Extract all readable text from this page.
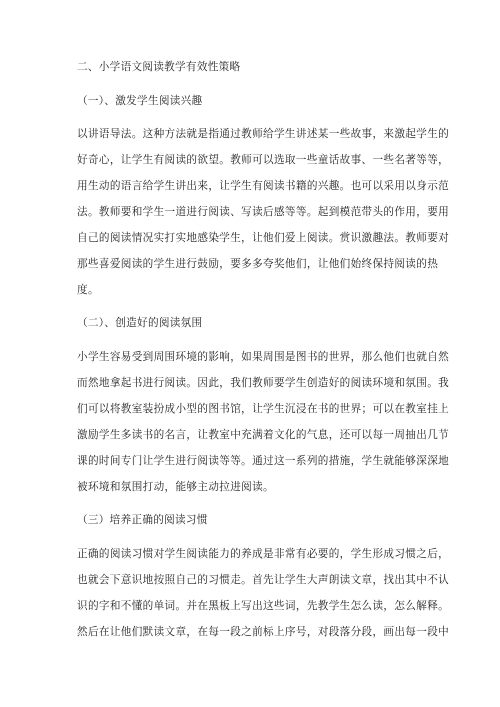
二、小学语文阅读教学有效性策略
（一）、激发学生阅读兴趣
以讲语导法。这种方法就是指通过教师给学生讲述某一些故事，来激起学生的
好奇心，让学生有阅读的欲望。教师可以选取一些童话故事、一些名著等等，
用生动的语言给学生讲出来，让学生有阅读书籍的兴趣。也可以采用以身示范
法。教师要和学生一道进行阅读、写读后感等等。起到模范带头的作用，要用
自己的阅读情况实打实地感染学生，让他们爱上阅读。赏识激趣法。教师要对
那些喜爱阅读的学生进行鼓励，要多多夸奖他们，让他们始终保持阅读的热
度。
（二）、创造好的阅读氛围
小学生容易受到周围环境的影响，如果周围是图书的世界，那么他们也就自然
而然地拿起书进行阅读。因此，我们教师要学生创造好的阅读环境和氛围。我
们可以将教室装扮成小型的图书馆，让学生沉浸在书的世界；可以在教室挂上
激励学生多读书的名言，让教室中充满着文化的气息，还可以每一周抽出几节
课的时间专门让学生进行阅读等等。通过这一系列的措施，学生就能够深深地
被环境和氛围打动，能够主动拉进阅读。
（三）培养正确的阅读习惯
正确的阅读习惯对学生阅读能力的养成是非常有必要的，学生形成习惯之后，
也就会下意识地按照自己的习惯走。首先让学生大声朗读文章，找出其中不认
识的字和不懂的单词。并在黑板上写出这些词，先教学生怎么读，怎么解释。
然后在让他们默读文章，在每一段之前标上序号，对段落分段，画出每一段中
